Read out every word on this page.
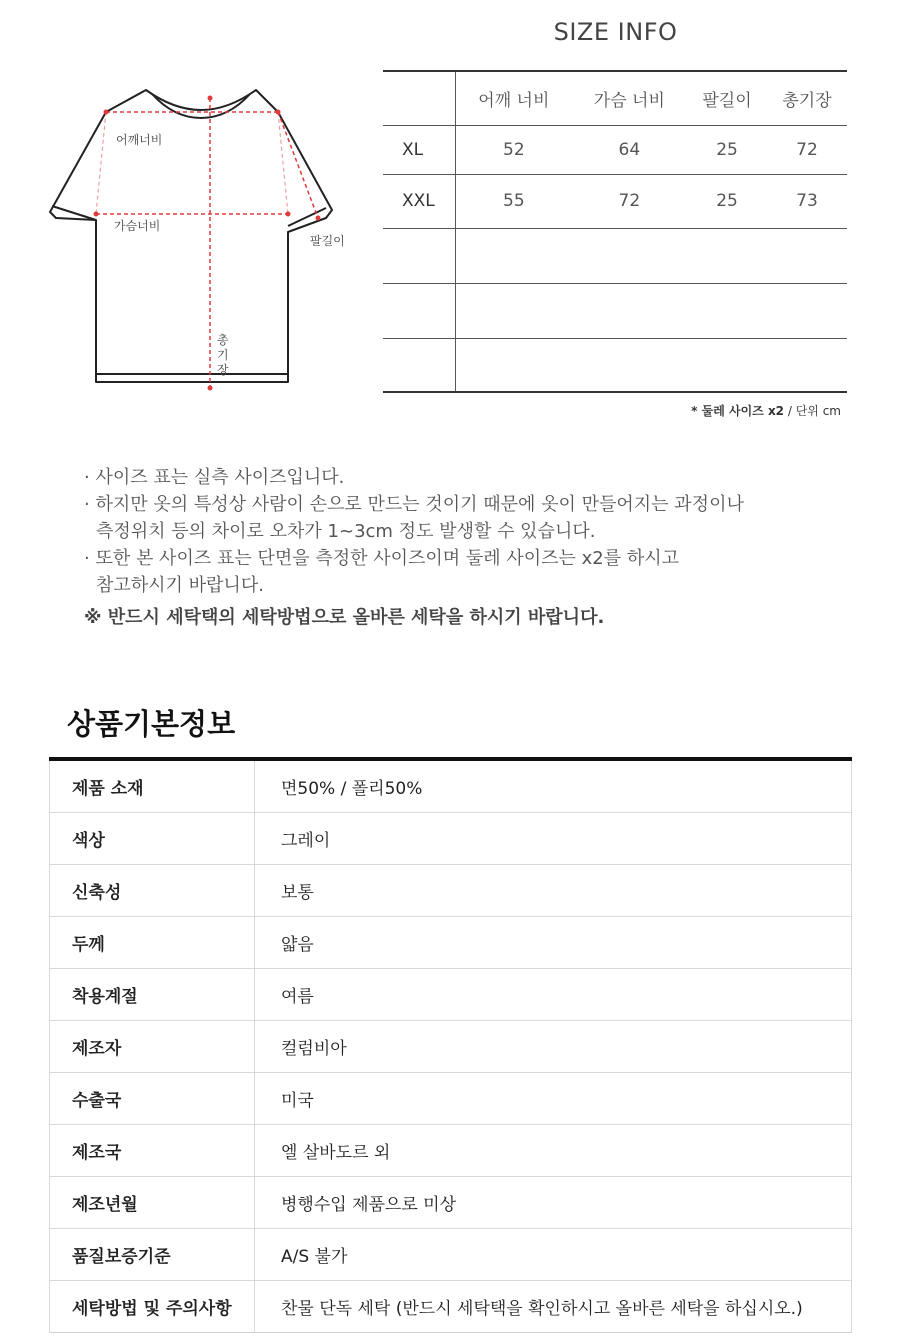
SIZE INFO
	어깨 너비	가슴 너비	팔길이	총기장
XL	52	64	25	72
XXL	55	72	25	73

* 둘레 사이즈 x2 / 단위 cm
어깨너비
가슴너비
팔길이
총
기
장
· 사이즈 표는 실측 사이즈입니다.
· 하지만 옷의 특성상 사람이 손으로 만드는 것이기 때문에 옷이 만들어지는 과정이나
측정위치 등의 차이로 오차가 1~3cm 정도 발생할 수 있습니다.
· 또한 본 사이즈 표는 단면을 측정한 사이즈이며 둘레 사이즈는 x2를 하시고
참고하시기 바랍니다.
※ 반드시 세탁택의 세탁방법으로 올바른 세탁을 하시기 바랍니다.
상품기본정보
제품 소재	면50% / 폴리50%
색상	그레이
신축성	보통
두께	얇음
착용계절	여름
제조자	컬럼비아
수출국	미국
제조국	엘 살바도르 외
제조년월	병행수입 제품으로 미상
품질보증기준	A/S 불가
세탁방법 및 주의사항	찬물 단독 세탁 (반드시 세탁택을 확인하시고 올바른 세탁을 하십시오.)
